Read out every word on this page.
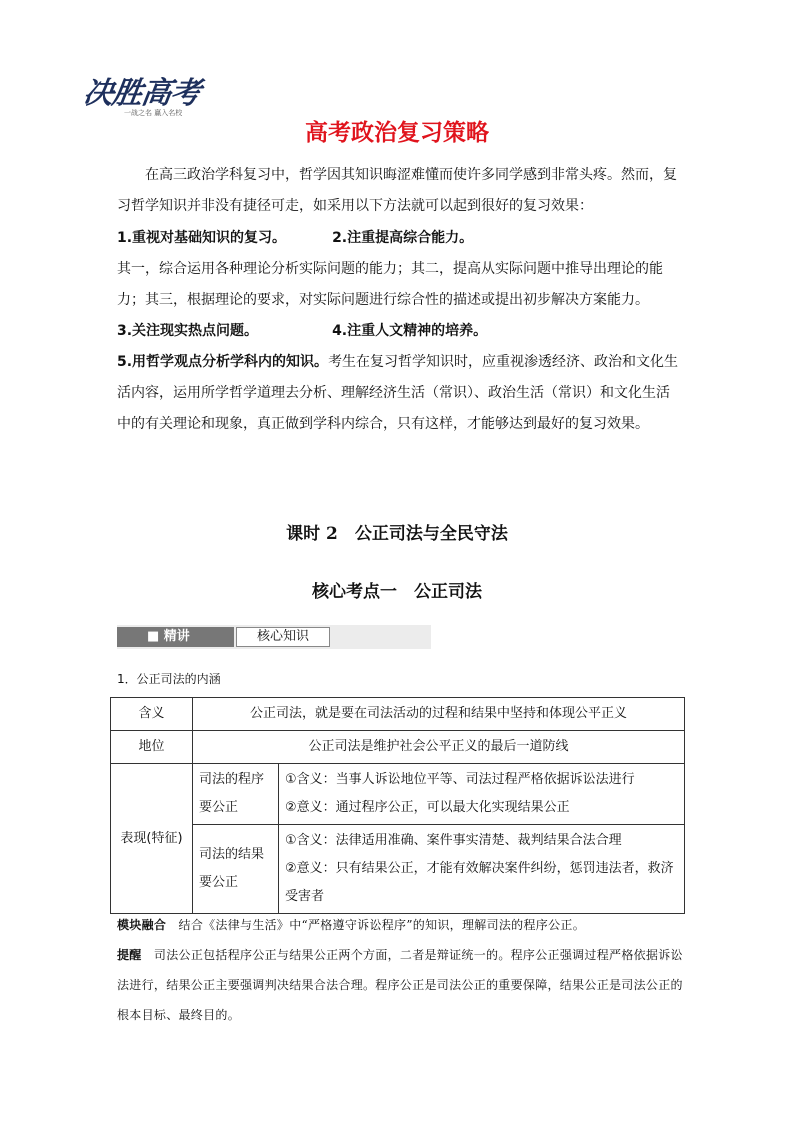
决胜高考
一战之名 赢入名校
高考政治复习策略
在高三政治学科复习中，哲学因其知识晦涩难懂而使许多同学感到非常头疼。然而，复习哲学知识并非没有捷径可走，如采用以下方法就可以起到很好的复习效果：
1.重视对基础知识的复习。	2.注重提高综合能力。
其一，综合运用各种理论分析实际问题的能力；其二，提高从实际问题中推导出理论的能力；其三，根据理论的要求，对实际问题进行综合性的描述或提出初步解决方案能力。
3.关注现实热点问题。	4.注重人文精神的培养。
5.用哲学观点分析学科内的知识。考生在复习哲学知识时，应重视渗透经济、政治和文化生活内容，运用所学哲学道理去分析、理解经济生活（常识）、政治生活（常识）和文化生活中的有关理论和现象，真正做到学科内综合，只有这样，才能够达到最好的复习效果。
课时 2　公正司法与全民守法
核心考点一　公正司法
■ 精讲	核心知识
1．公正司法的内涵
含义	公正司法，就是要在司法活动的过程和结果中坚持和体现公平正义	
地位	公正司法是维护社会公平正义的最后一道防线	
表现(特征)	司法的程序要公正	①含义：当事人诉讼地位平等、司法过程严格依据诉讼法进行
②意义：通过程序公正，可以最大化实现结果公正

	司法的结果要公正	①含义：法律适用准确、案件事实清楚、裁判结果合法合理
②意义：只有结果公正，才能有效解决案件纠纷，惩罚违法者，救济受害者
模块融合　 结合《法律与生活》中“严格遵守诉讼程序”的知识，理解司法的程序公正。
提醒　 司法公正包括程序公正与结果公正两个方面，二者是辩证统一的。程序公正强调过程严格依据诉讼法进行，结果公正主要强调判决结果合法合理。程序公正是司法公正的重要保障，结果公正是司法公正的根本目标、最终目的。
